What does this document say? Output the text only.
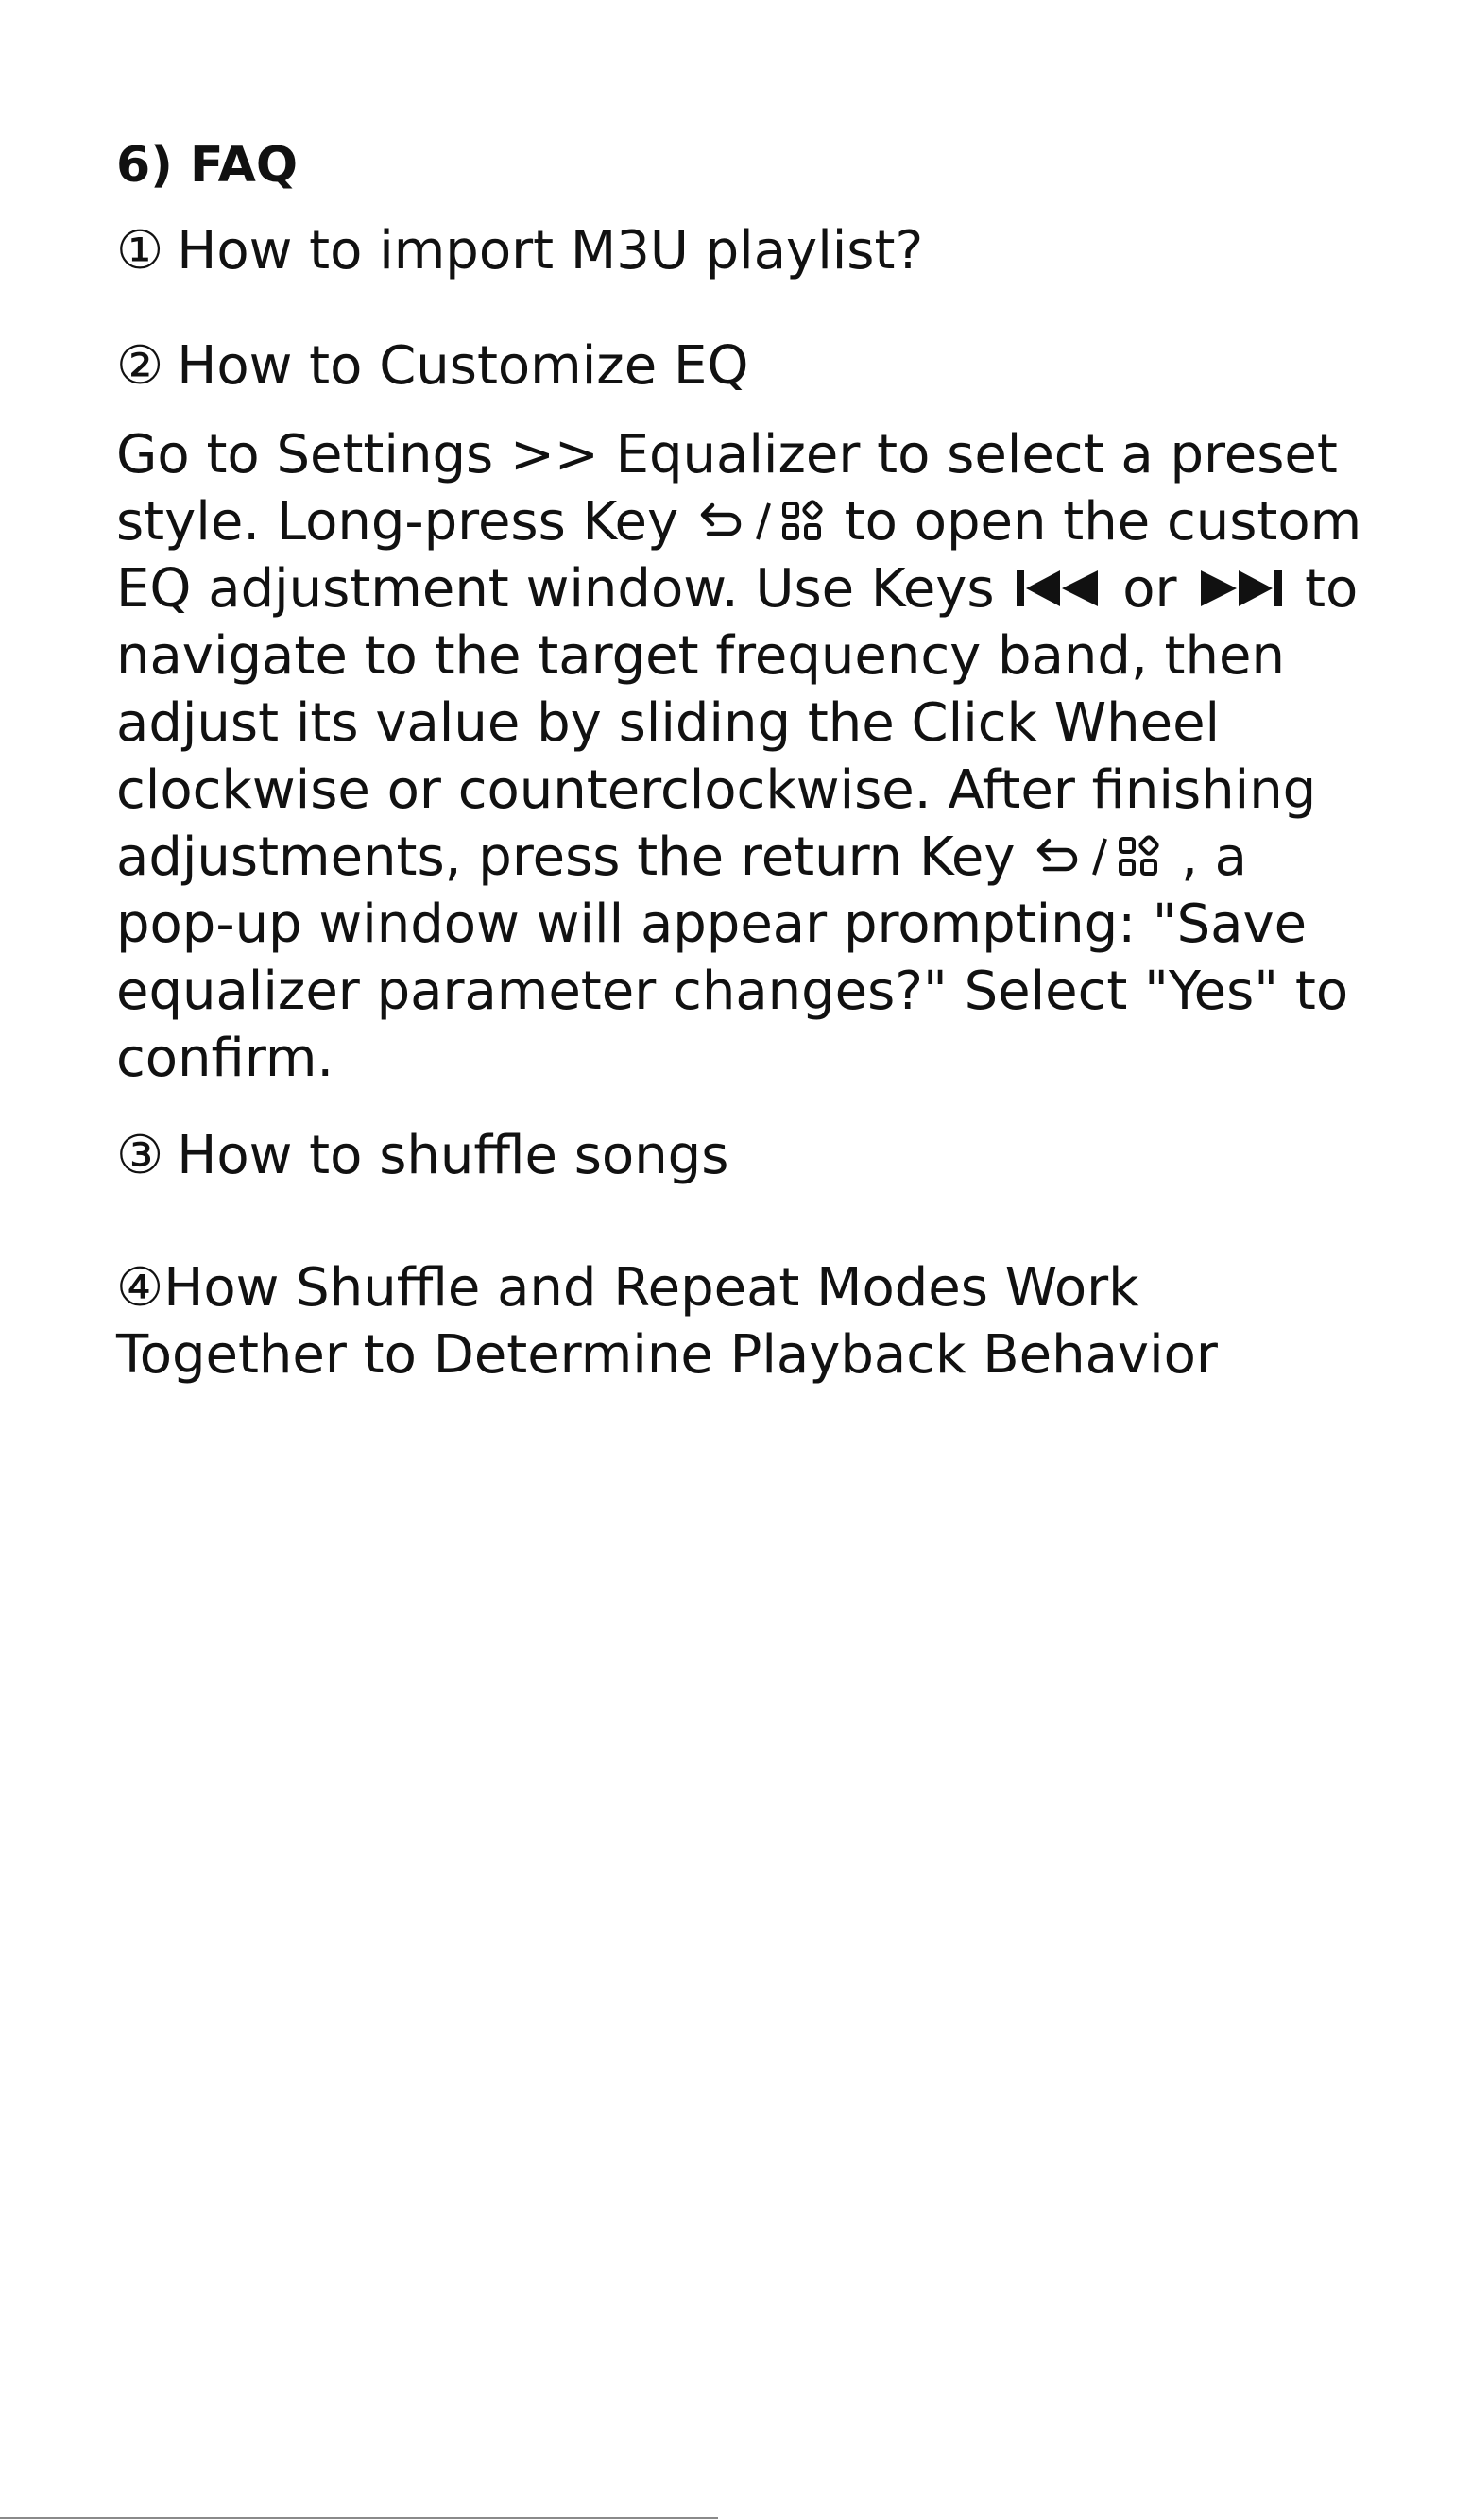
6) FAQ
① How to import M3U playlist?
② How to Customize EQ
Go to Settings >> Equalizer to select a preset
style. Long-press Key	to open the custom
EQ adjustment window. Use Keys  or  to
navigate to the target frequency band, then
adjust its value by sliding the Click Wheel
clockwise or counterclockwise. After finishing
adjustments, press the return Key	, a
pop-up window will appear prompting: "Save
equalizer parameter changes?" Select "Yes" to
confirm.
③ How to shuffle songs
④How Shuffle and Repeat Modes Work
Together to Determine Playback Behavior
